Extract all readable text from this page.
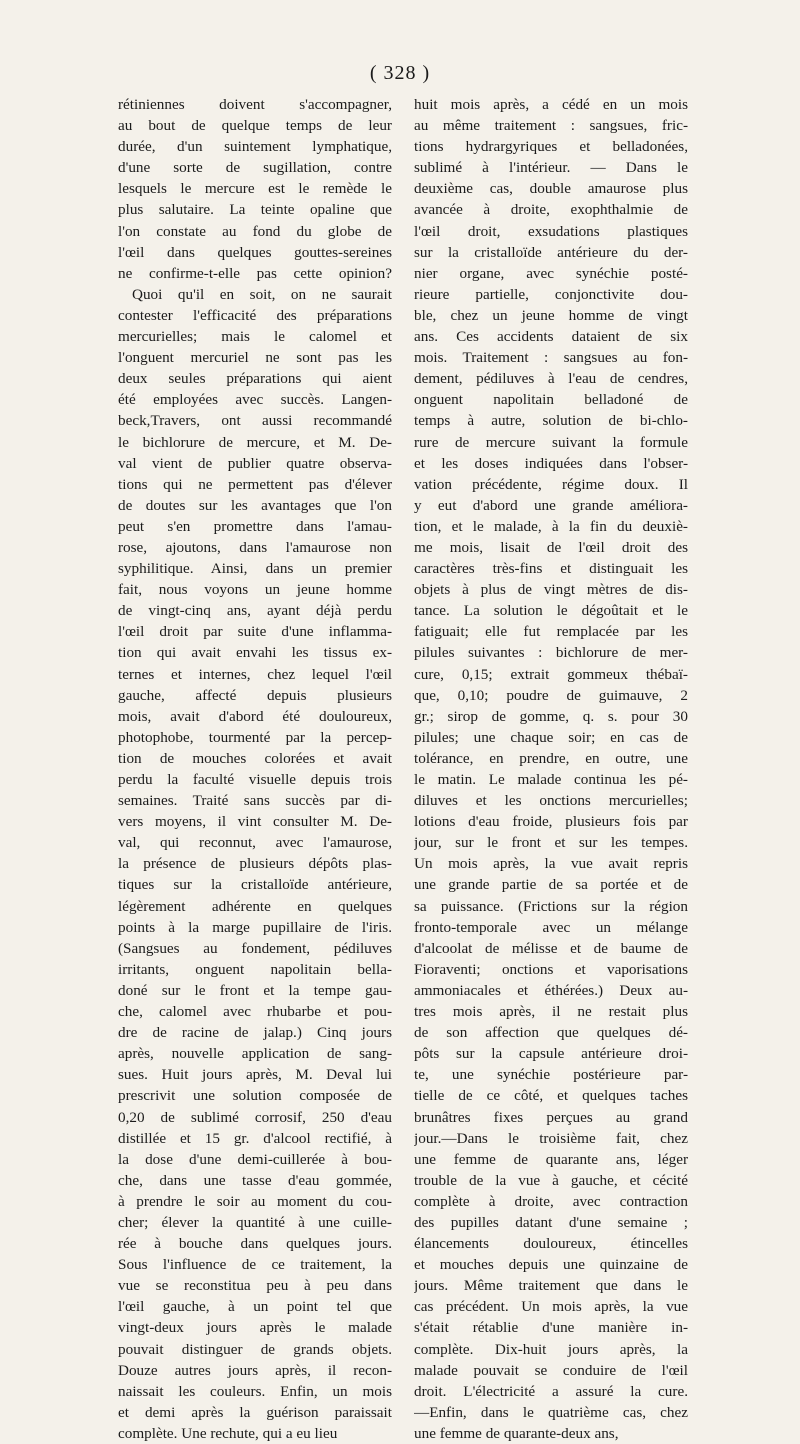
( 328 )
rétiniennes doivent s'accompagner,
au bout de quelque temps de leur
durée, d'un suintement lymphatique,
d'une sorte de sugillation, contre
lesquels le mercure est le remède le
plus salutaire. La teinte opaline que
l'on constate au fond du globe de
l'œil dans quelques gouttes-sereines
ne confirme-t-elle pas cette opinion?
Quoi qu'il en soit, on ne saurait
contester l'efficacité des préparations
mercurielles; mais le calomel et
l'onguent mercuriel ne sont pas les
deux seules préparations qui aient
été employées avec succès. Langen-
beck,Travers, ont aussi recommandé
le bichlorure de mercure, et M. De-
val vient de publier quatre observa-
tions qui ne permettent pas d'élever
de doutes sur les avantages que l'on
peut s'en promettre dans l'amau-
rose, ajoutons, dans l'amaurose non
syphilitique. Ainsi, dans un premier
fait, nous voyons un jeune homme
de vingt-cinq ans, ayant déjà perdu
l'œil droit par suite d'une inflamma-
tion qui avait envahi les tissus ex-
ternes et internes, chez lequel l'œil
gauche, affecté depuis plusieurs
mois, avait d'abord été douloureux,
photophobe, tourmenté par la percep-
tion de mouches colorées et avait
perdu la faculté visuelle depuis trois
semaines. Traité sans succès par di-
vers moyens, il vint consulter M. De-
val, qui reconnut, avec l'amaurose,
la présence de plusieurs dépôts plas-
tiques sur la cristalloïde antérieure,
légèrement adhérente en quelques
points à la marge pupillaire de l'iris.
(Sangsues au fondement, pédiluves
irritants, onguent napolitain bella-
doné sur le front et la tempe gau-
che, calomel avec rhubarbe et pou-
dre de racine de jalap.) Cinq jours
après, nouvelle application de sang-
sues. Huit jours après, M. Deval lui
prescrivit une solution composée de
0,20 de sublimé corrosif, 250 d'eau
distillée et 15 gr. d'alcool rectifié, à
la dose d'une demi-cuillerée à bou-
che, dans une tasse d'eau gommée,
à prendre le soir au moment du cou-
cher; élever la quantité à une cuille-
rée à bouche dans quelques jours.
Sous l'influence de ce traitement, la
vue se reconstitua peu à peu dans
l'œil gauche, à un point tel que
vingt-deux jours après le malade
pouvait distinguer de grands objets.
Douze autres jours après, il recon-
naissait les couleurs. Enfin, un mois
et demi après la guérison paraissait
complète. Une rechute, qui a eu lieu
huit mois après, a cédé en un mois
au même traitement : sangsues, fric-
tions hydrargyriques et belladonées,
sublimé à l'intérieur. — Dans le
deuxième cas, double amaurose plus
avancée à droite, exophthalmie de
l'œil droit, exsudations plastiques
sur la cristalloïde antérieure du der-
nier organe, avec synéchie posté-
rieure partielle, conjonctivite dou-
ble, chez un jeune homme de vingt
ans. Ces accidents dataient de six
mois. Traitement : sangsues au fon-
dement, pédiluves à l'eau de cendres,
onguent napolitain belladoné de
temps à autre, solution de bi-chlo-
rure de mercure suivant la formule
et les doses indiquées dans l'obser-
vation précédente, régime doux. Il
y eut d'abord une grande améliora-
tion, et le malade, à la fin du deuxiè-
me mois, lisait de l'œil droit des
caractères très-fins et distinguait les
objets à plus de vingt mètres de dis-
tance. La solution le dégoûtait et le
fatiguait; elle fut remplacée par les
pilules suivantes : bichlorure de mer-
cure, 0,15; extrait gommeux thébaï-
que, 0,10; poudre de guimauve, 2
gr.; sirop de gomme, q. s. pour 30
pilules; une chaque soir; en cas de
tolérance, en prendre, en outre, une
le matin. Le malade continua les pé-
diluves et les onctions mercurielles;
lotions d'eau froide, plusieurs fois par
jour, sur le front et sur les tempes.
Un mois après, la vue avait repris
une grande partie de sa portée et de
sa puissance. (Frictions sur la région
fronto-temporale avec un mélange
d'alcoolat de mélisse et de baume de
Fioraventi; onctions et vaporisations
ammoniacales et éthérées.) Deux au-
tres mois après, il ne restait plus
de son affection que quelques dé-
pôts sur la capsule antérieure droi-
te, une synéchie postérieure par-
tielle de ce côté, et quelques taches
brunâtres fixes perçues au grand
jour.—Dans le troisième fait, chez
une femme de quarante ans, léger
trouble de la vue à gauche, et cécité
complète à droite, avec contraction
des pupilles datant d'une semaine ;
élancements douloureux, étincelles
et mouches depuis une quinzaine de
jours. Même traitement que dans le
cas précédent. Un mois après, la vue
s'était rétablie d'une manière in-
complète. Dix-huit jours après, la
malade pouvait se conduire de l'œil
droit. L'électricité a assuré la cure.
—Enfin, dans le quatrième cas, chez
une femme de quarante-deux ans,
